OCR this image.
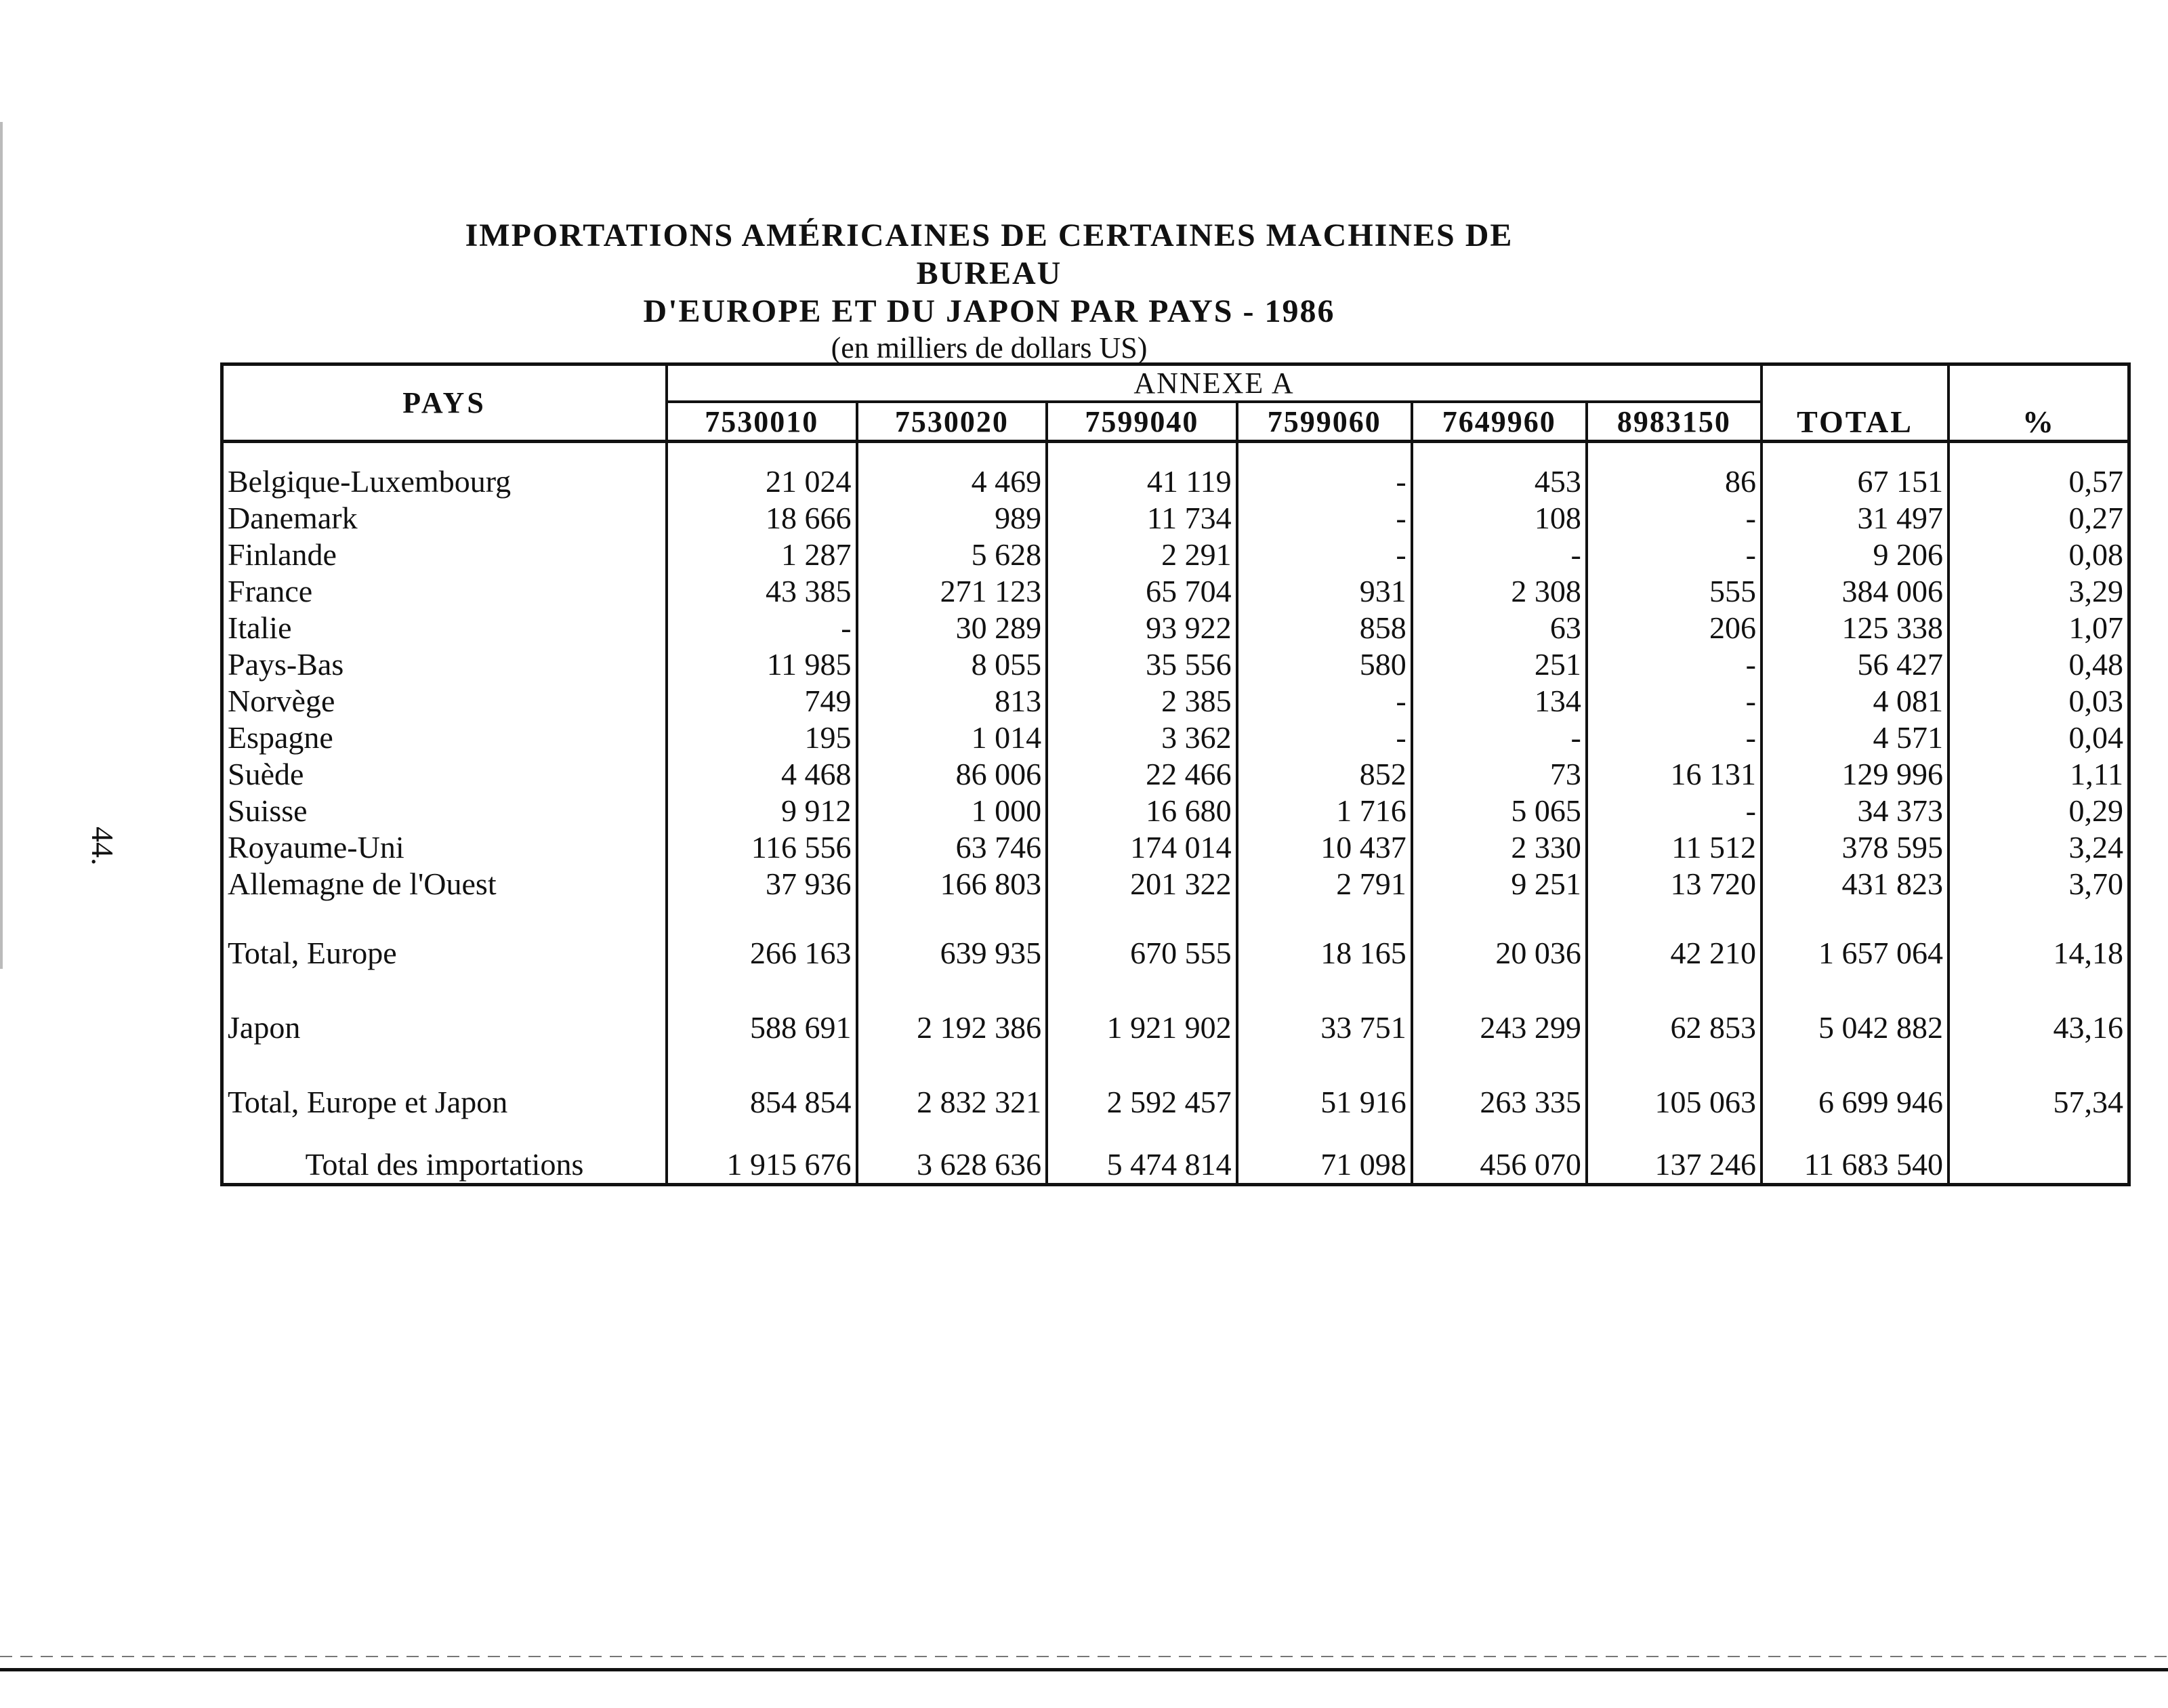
44.
IMPORTATIONS AMÉRICAINES DE CERTAINES MACHINES DE BUREAU
D'EUROPE ET DU JAPON PAR PAYS - 1986
(en milliers de dollars US)
PAYS	ANNEXE A						TOTAL	%
	7530010	7530020	7599040	7599060	7649960	8983150		
Belgique-Luxembourg	21 024	4 469	41 119	-	453	86	67 151	0,57
Danemark	18 666	989	11 734	-	108	-	31 497	0,27
Finlande	1 287	5 628	2 291	-	-	-	9 206	0,08
France	43 385	271 123	65 704	931	2 308	555	384 006	3,29
Italie	-	30 289	93 922	858	63	206	125 338	1,07
Pays-Bas	11 985	8 055	35 556	580	251	-	56 427	0,48
Norvège	749	813	2 385	-	134	-	4 081	0,03
Espagne	195	1 014	3 362	-	-	-	4 571	0,04
Suède	4 468	86 006	22 466	852	73	16 131	129 996	1,11
Suisse	9 912	1 000	16 680	1 716	5 065	-	34 373	0,29
Royaume-Uni	116 556	63 746	174 014	10 437	2 330	11 512	378 595	3,24
Allemagne de l'Ouest	37 936	166 803	201 322	2 791	9 251	13 720	431 823	3,70
Total, Europe	266 163	639 935	670 555	18 165	20 036	42 210	1 657 064	14,18
Japon	588 691	2 192 386	1 921 902	33 751	243 299	62 853	5 042 882	43,16
Total, Europe et Japon	854 854	2 832 321	2 592 457	51 916	263 335	105 063	6 699 946	57,34
Total des importations	1 915 676	3 628 636	5 474 814	71 098	456 070	137 246	11 683 540	
